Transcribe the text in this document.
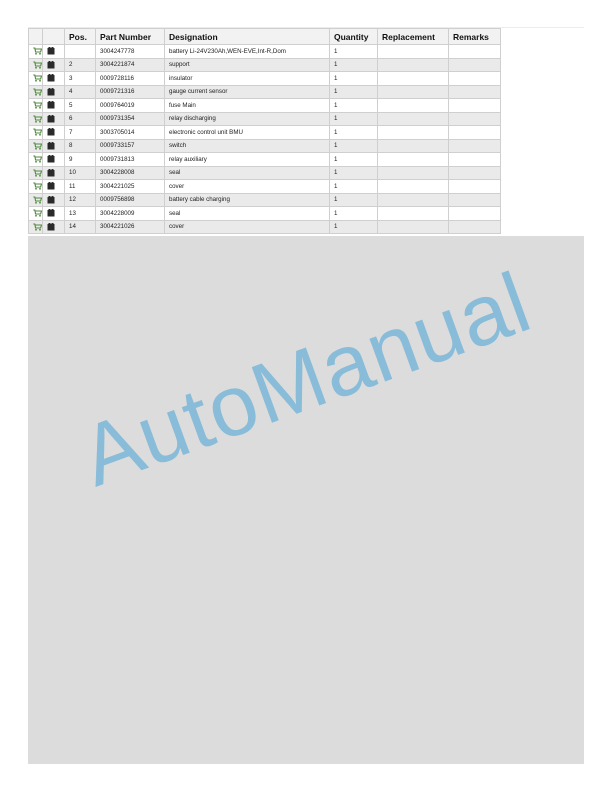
		Pos.	Part Number	Designation	Quantity	Replacement	Remarks
			3004247778	battery Li-24V230Ah,WEN-EVE,Int-R,Dom	1		
		2	3004221874	support	1		
		3	0009728116	insulator	1		
		4	0009721316	gauge current sensor	1		
		5	0009764019	fuse Main	1		
		6	0009731354	relay discharging	1		
		7	3003705014	electronic control unit BMU	1		
		8	0009733157	switch	1		
		9	0009731813	relay auxiliary	1		
		10	3004228008	seal	1		
		11	3004221025	cover	1		
		12	0009756898	battery cable charging	1		
		13	3004228009	seal	1		
		14	3004221026	cover	1		
AutoManual
